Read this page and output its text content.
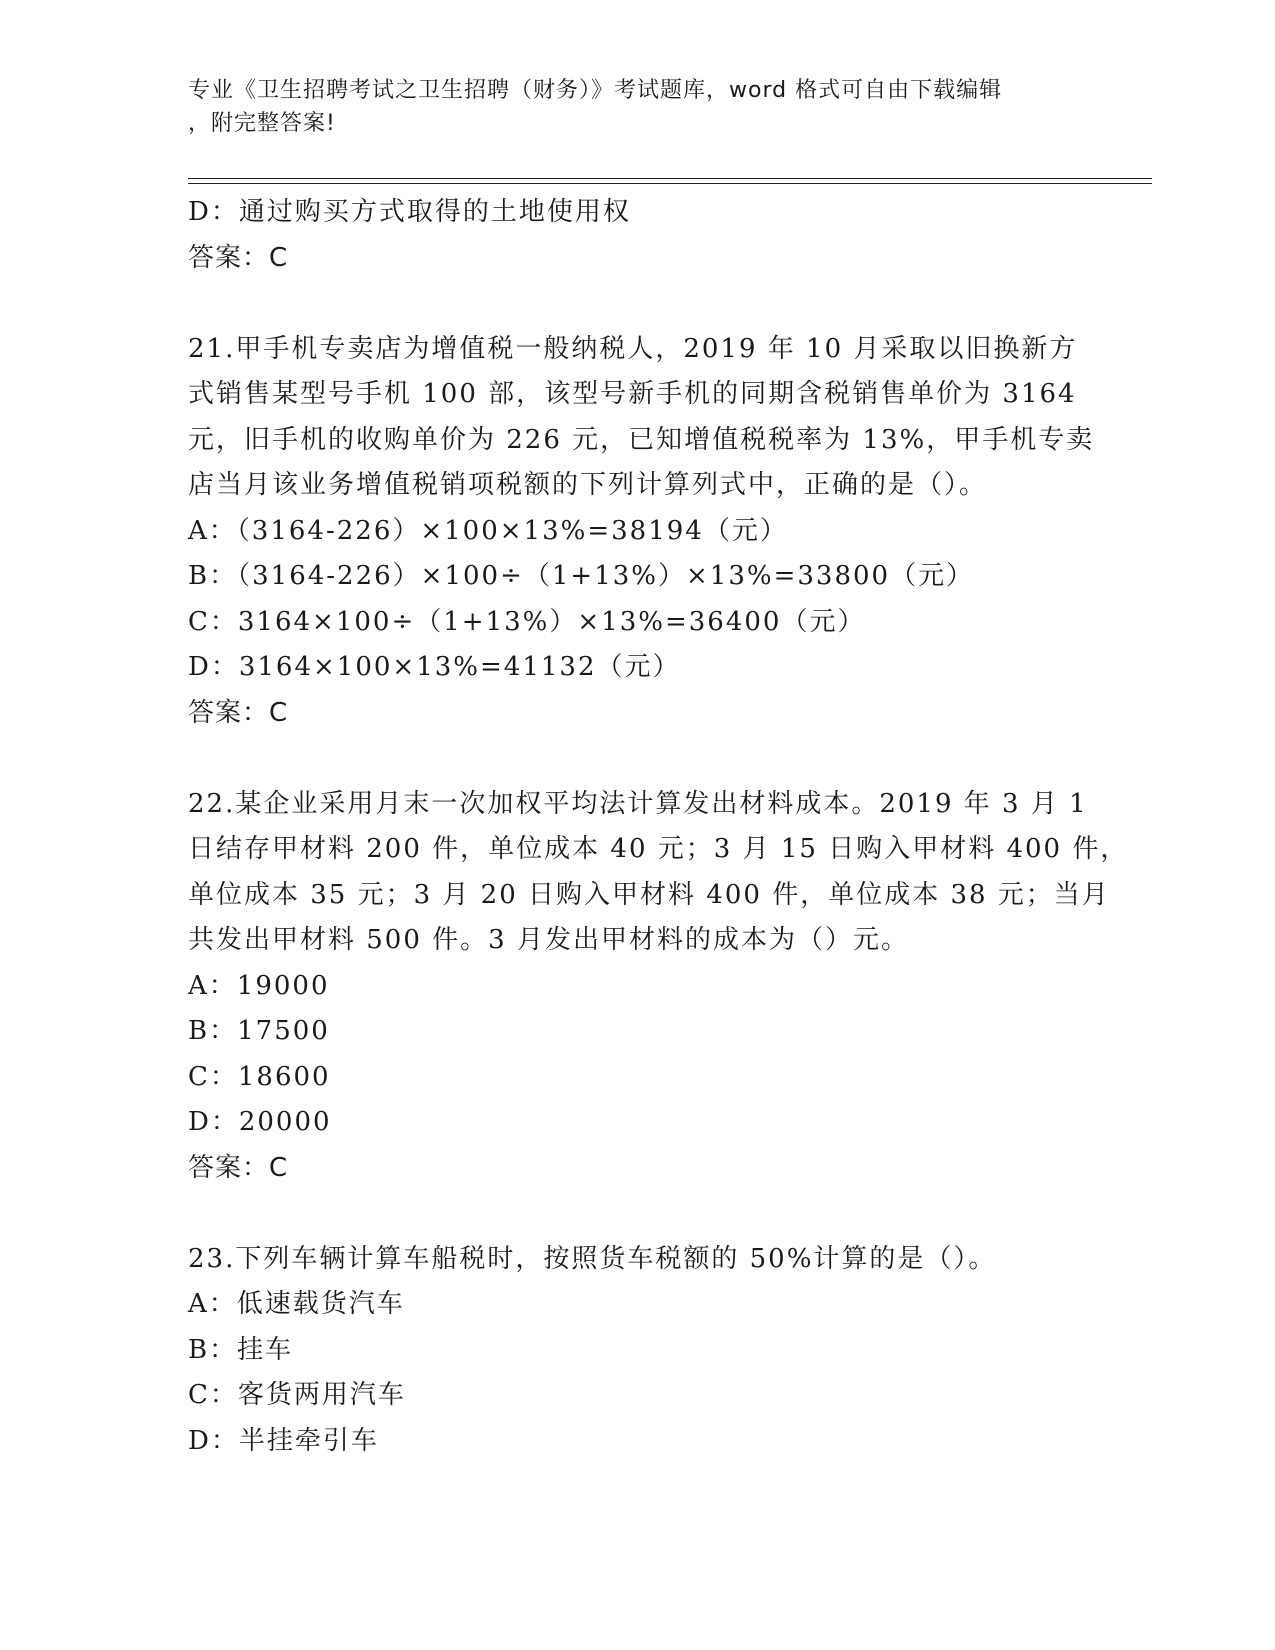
专业《卫生招聘考试之卫生招聘（财务）》考试题库，word 格式可自由下载编辑
，附完整答案!
D：通过购买方式取得的土地使用权
答案：C
21.甲手机专卖店为增值税一般纳税人，2019 年 10 月采取以旧换新方
式销售某型号手机 100 部，该型号新手机的同期含税销售单价为 3164
元，旧手机的收购单价为 226 元，已知增值税税率为 13%，甲手机专卖
店当月该业务增值税销项税额的下列计算列式中，正确的是（）。
A：（3164-226）×100×13%=38194（元）
B：（3164-226）×100÷（1+13%）×13%=33800（元）
C：3164×100÷（1+13%）×13%=36400（元）
D：3164×100×13%=41132（元）
答案：C
22.某企业采用月末一次加权平均法计算发出材料成本。2019 年 3 月 1
日结存甲材料 200 件，单位成本 40 元；3 月 15 日购入甲材料 400 件，
单位成本 35 元；3 月 20 日购入甲材料 400 件，单位成本 38 元；当月
共发出甲材料 500 件。3 月发出甲材料的成本为（）元。
A：19000
B：17500
C：18600
D：20000
答案：C
23.下列车辆计算车船税时，按照货车税额的 50%计算的是（）。
A：低速载货汽车
B：挂车
C：客货两用汽车
D：半挂牵引车
